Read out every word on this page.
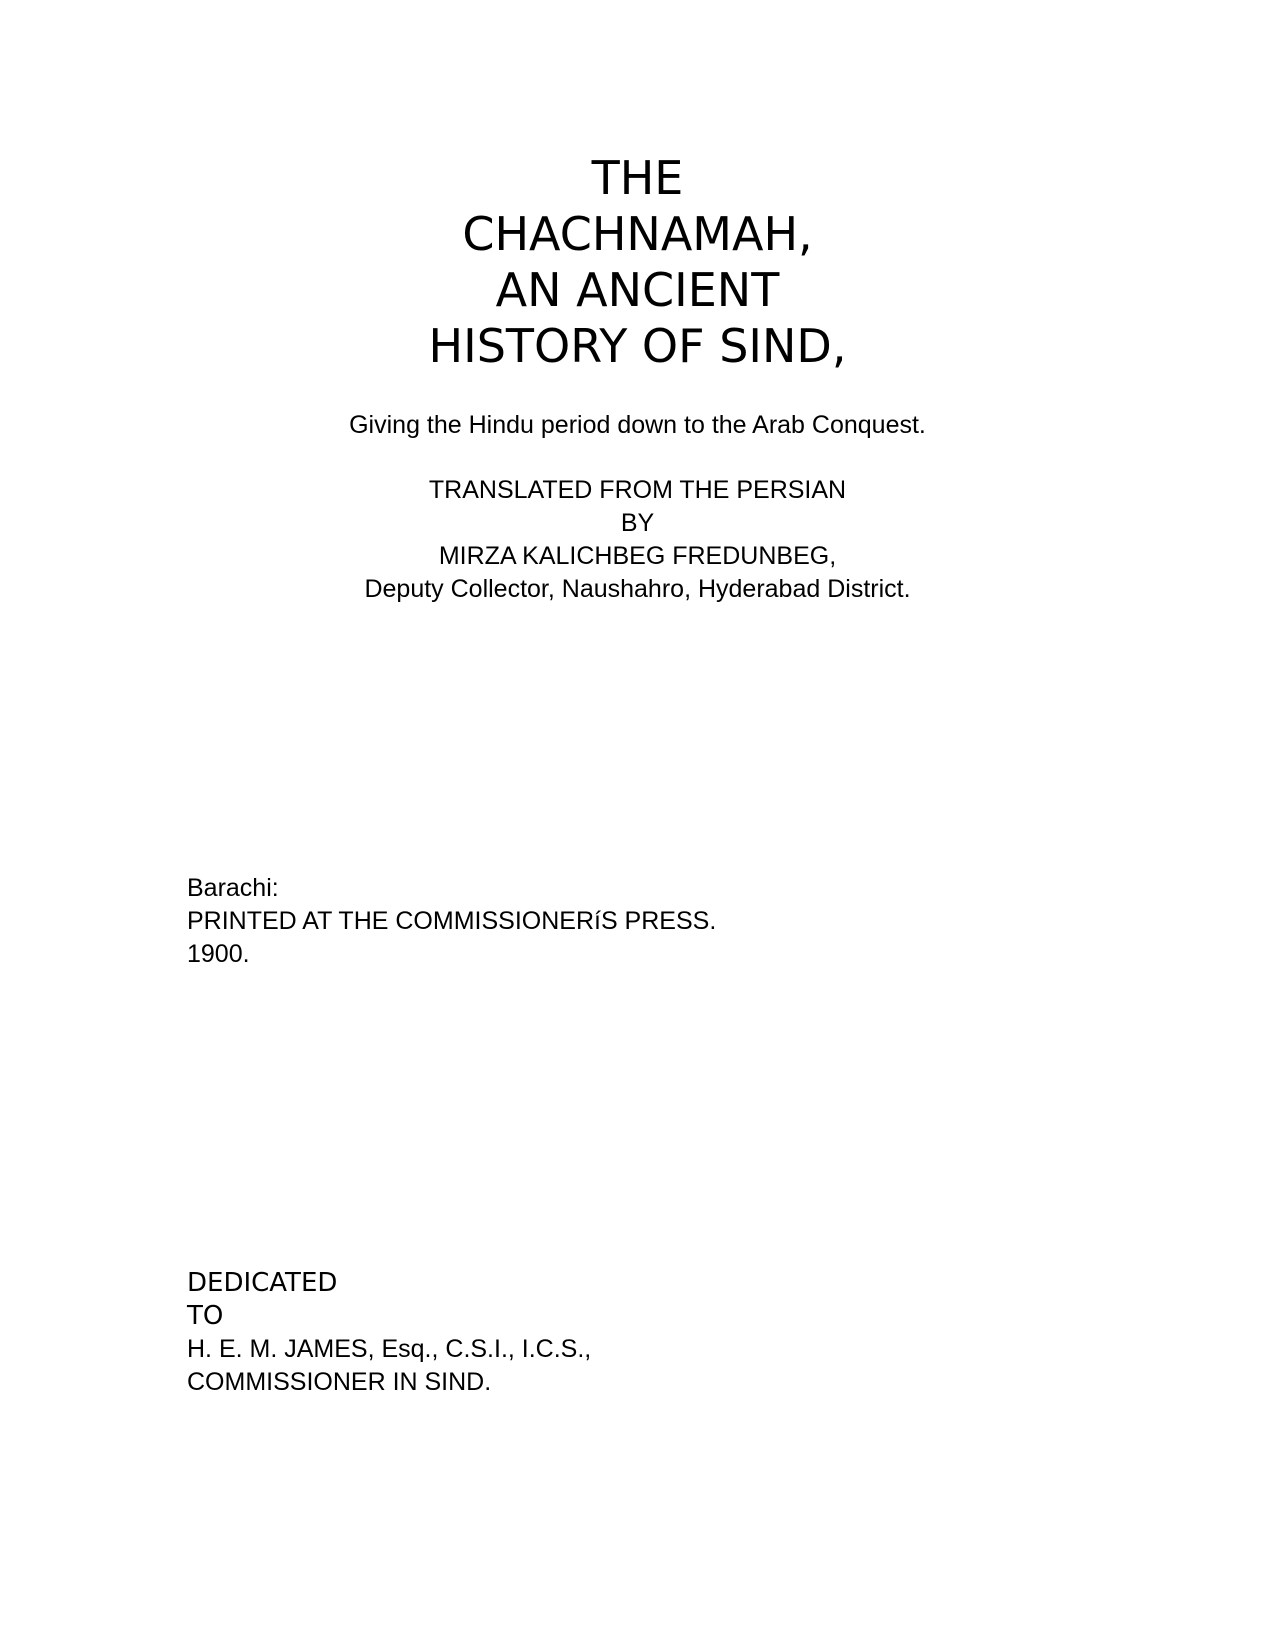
THE
CHACHNAMAH,
AN ANCIENT
HISTORY OF SIND,
Giving the Hindu period down to the Arab Conquest.
TRANSLATED FROM THE PERSIAN
BY
MIRZA KALICHBEG FREDUNBEG,
Deputy Collector, Naushahro, Hyderabad District.
Barachi:
PRINTED AT THE COMMISSIONERíS PRESS.
1900.
DEDICATED
TO
H. E. M. JAMES, Esq., C.S.I., I.C.S.,
COMMISSIONER IN SIND.
